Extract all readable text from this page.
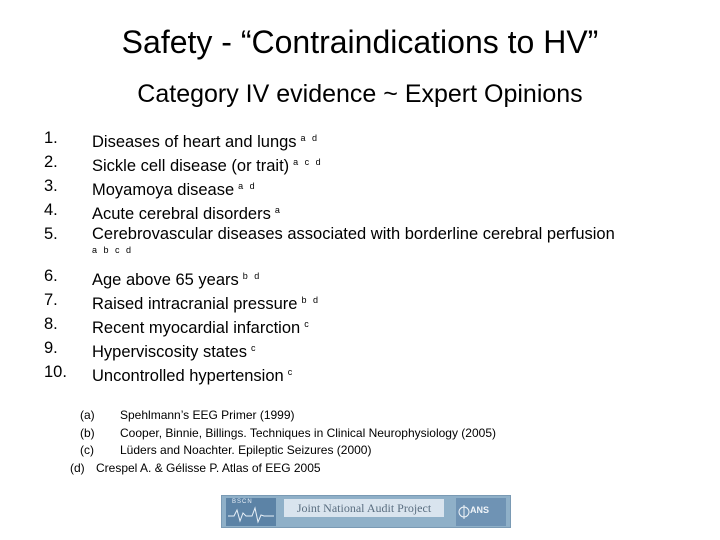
Safety - “Contraindications to HV”
Category IV evidence ~ Expert Opinions
1. Diseases of heart and lungs $^{a d}$
2. Sickle cell disease (or trait) $^{a c d}$
3. Moyamoya disease $^{a d}$
4. Acute cerebral disorders $^a$
5. Cerebrovascular diseases associated with borderline cerebral perfusion
a b c d
6. Age above 65 years $^{b d}$
7. Raised intracranial pressure $^{b d}$
8. Recent myocardial infarction $^c$
9. Hyperviscosity states $^c$
10. Uncontrolled hypertension $^c$
(a) Spehlmann’s EEG Primer (1999)
(b) Cooper, Binnie, Billings. Techniques in Clinical Neurophysiology (2005)
(c) Lüders and Noachter. Epileptic Seizures (2000)
(d) Crespel A. & Gélisse P. Atlas of EEG 2005
BSCN	Joint National Audit Project	ANS
